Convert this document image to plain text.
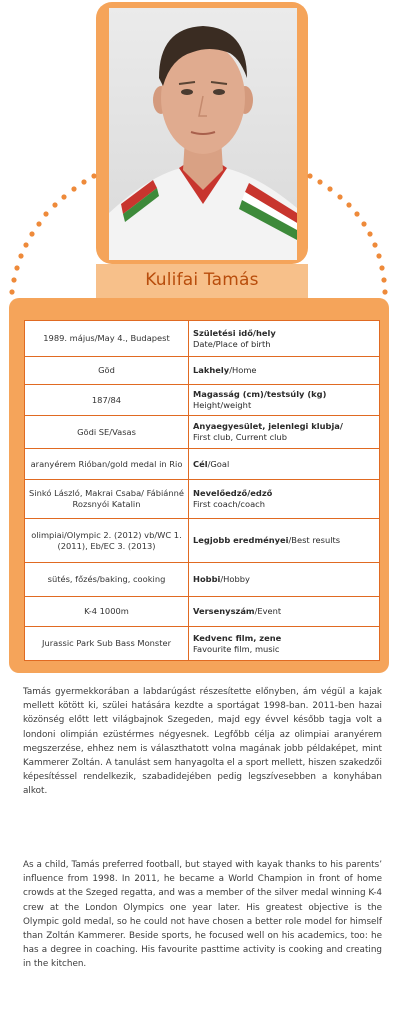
Kulifai Tamás
1989. május/May 4., Budapest	Születési idő/hely
Date/Place of birth
Göd	Lakhely/Home
187/84	Magasság (cm)/testsúly (kg)
Height/weight
Gödi SE/Vasas	Anyaegyesület, jelenlegi klubja/
First club, Current club
aranyérem Rióban/gold medal in Rio	Cél/Goal
Sinkó László, Makrai Csaba/ Fábiánné Rozsnyói Katalin	Nevelőedző/edző
First coach/coach
olimpiai/Olympic 2. (2012) vb/WC 1. (2011), Eb/EC 3. (2013)	Legjobb eredményei/Best results
sütés, főzés/baking, cooking	Hobbi/Hobby
K-4 1000m	Versenyszám/Event
Jurassic Park Sub Bass Monster	Kedvenc film, zene
Favourite film, music

Tamás gyermekkorában a labdarúgást részesítette előnyben, ám végül a kajak mellett kötött ki, szülei hatására kezdte a sportágat 1998-ban. 2011-ben hazai közönség előtt lett világbajnok Szegeden, majd egy évvel később tagja volt a londoni olimpián ezüstérmes négyesnek. Legfőbb célja az olimpiai aranyérem megszerzése, ehhez nem is választhatott volna magának jobb példaképet, mint Kammerer Zoltán. A tanulást sem hanyagolta el a sport mellett, hiszen szakedzői képesítéssel rendelkezik, szabadidejében pedig legszívesebben a konyhában alkot.

As a child, Tamás preferred football, but stayed with kayak thanks to his parents’ influence from 1998. In 2011, he became a World Champion in front of home crowds at the Szeged regatta, and was a member of the silver medal winning K-4 crew at the London Olympics one year later. His greatest objective is the Olympic gold medal, so he could not have chosen a better role model for himself than Zoltán Kammerer. Beside sports, he focused well on his academics, too: he has a degree in coaching. His favourite pasttime activity is cooking and creating in the kitchen.
